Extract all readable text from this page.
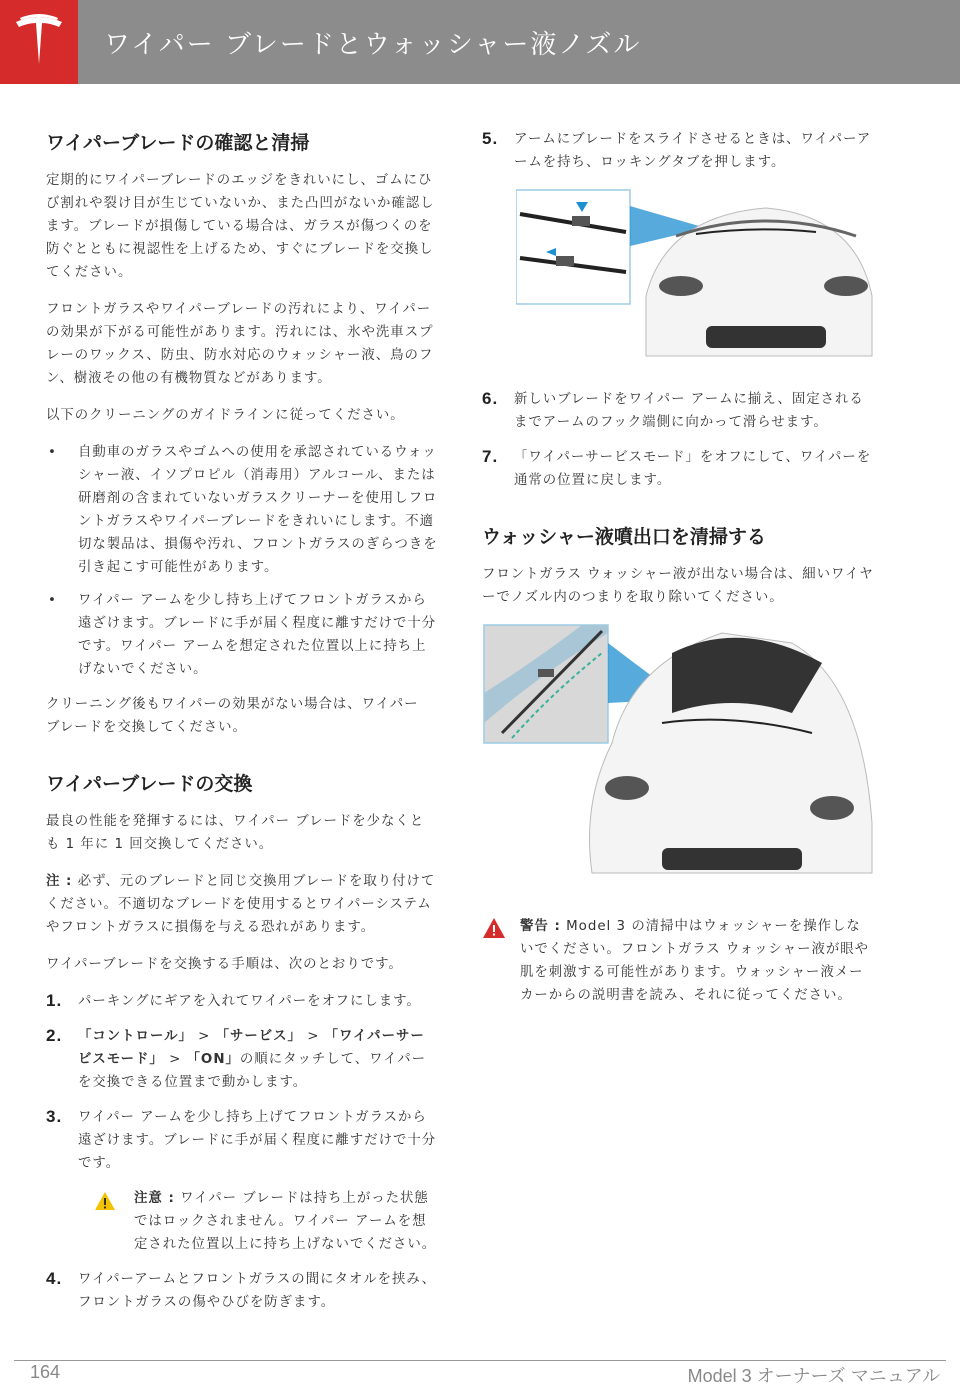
ワイパー ブレードとウォッシャー液ノズル
ワイパーブレードの確認と清掃

定期的にワイパーブレードのエッジをきれいにし、ゴムにひび割れや裂け目が生じていないか、また凸凹がないか確認します。ブレードが損傷している場合は、ガラスが傷つくのを防ぐとともに視認性を上げるため、すぐにブレードを交換してください。

フロントガラスやワイパーブレードの汚れにより、ワイパーの効果が下がる可能性があります。汚れには、氷や洗車スプレーのワックス、防虫、防水対応のウォッシャー液、鳥のフン、樹液その他の有機物質などがあります。

以下のクリーニングのガイドラインに従ってください。

• 自動車のガラスやゴムへの使用を承認されているウォッシャー液、イソプロピル（消毒用）アルコール、または研磨剤の含まれていないガラスクリーナーを使用しフロントガラスやワイパーブレードをきれいにします。不適切な製品は、損傷や汚れ、フロントガラスのぎらつきを引き起こす可能性があります。
• ワイパー アームを少し持ち上げてフロントガラスから遠ざけます。ブレードに手が届く程度に離すだけで十分です。ワイパー アームを想定された位置以上に持ち上げないでください。

クリーニング後もワイパーの効果がない場合は、ワイパー ブレードを交換してください。

ワイパーブレードの交換

最良の性能を発揮するには、ワイパー ブレードを少なくとも 1 年に 1 回交換してください。

注 : 必ず、元のブレードと同じ交換用ブレードを取り付けてください。不適切なブレードを使用するとワイパーシステムやフロントガラスに損傷を与える恐れがあります。

ワイパーブレードを交換する手順は、次のとおりです。

1. パーキングにギアを入れてワイパーをオフにします。
2. 「コントロール」 > 「サービス」 > 「ワイパーサービスモード」 > 「ON」の順にタッチして、ワイパーを交換できる位置まで動かします。
3. ワイパー アームを少し持ち上げてフロントガラスから遠ざけます。ブレードに手が届く程度に離すだけで十分です。
注意 : ワイパー ブレードは持ち上がった状態ではロックされません。ワイパー アームを想定された位置以上に持ち上げないでください。
4. ワイパーアームとフロントガラスの間にタオルを挟み、フロントガラスの傷やひびを防ぎます。
5. アームにブレードをスライドさせるときは、ワイパーアームを持ち、ロッキングタブを押します。
6. 新しいブレードをワイパー アームに揃え、固定されるまでアームのフック端側に向かって滑らせます。
7. 「ワイパーサービスモード」をオフにして、ワイパーを通常の位置に戻します。
ウォッシャー液噴出口を清掃する

フロントガラス ウォッシャー液が出ない場合は、細いワイヤーでノズル内のつまりを取り除いてください。

警告 : Model 3 の清掃中はウォッシャーを操作しないでください。フロントガラス ウォッシャー液が眼や肌を刺激する可能性があります。ウォッシャー液メーカーからの説明書を読み、それに従ってください。
164	Model 3 オーナーズ マニュアル
